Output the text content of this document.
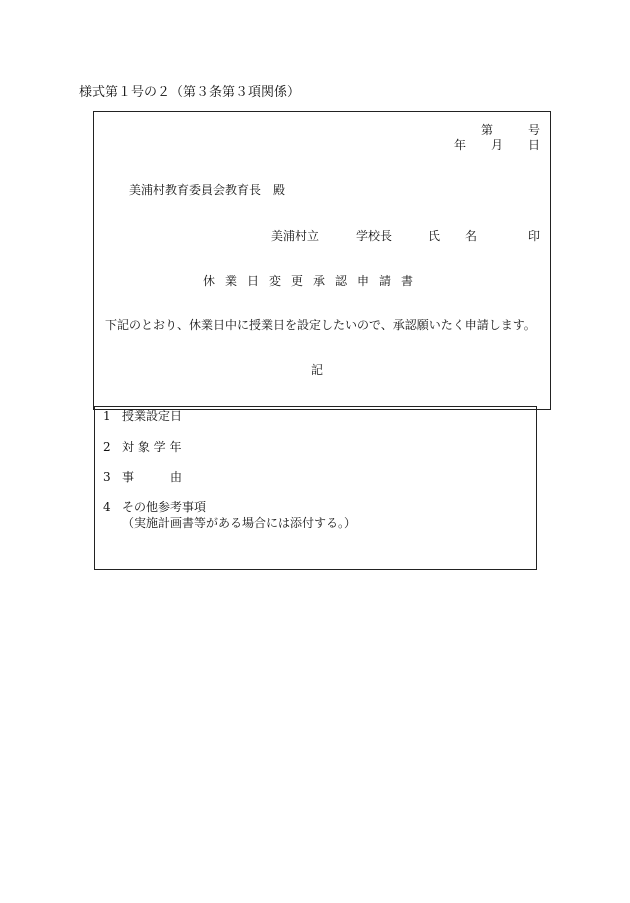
様式第１号の２（第３条第３項関係）
第	号
年 月 日
美浦村教育委員会教育長　殿
美浦村立	学校長	氏 名	印
休業日変更承認申請書
下記のとおり、休業日中に授業日を設定したいので、承認願いたく申請します。
記
1 授業設定日
2 対 象 学 年
3 事　　　由
4 その他参考事項
（実施計画書等がある場合には添付する。）
